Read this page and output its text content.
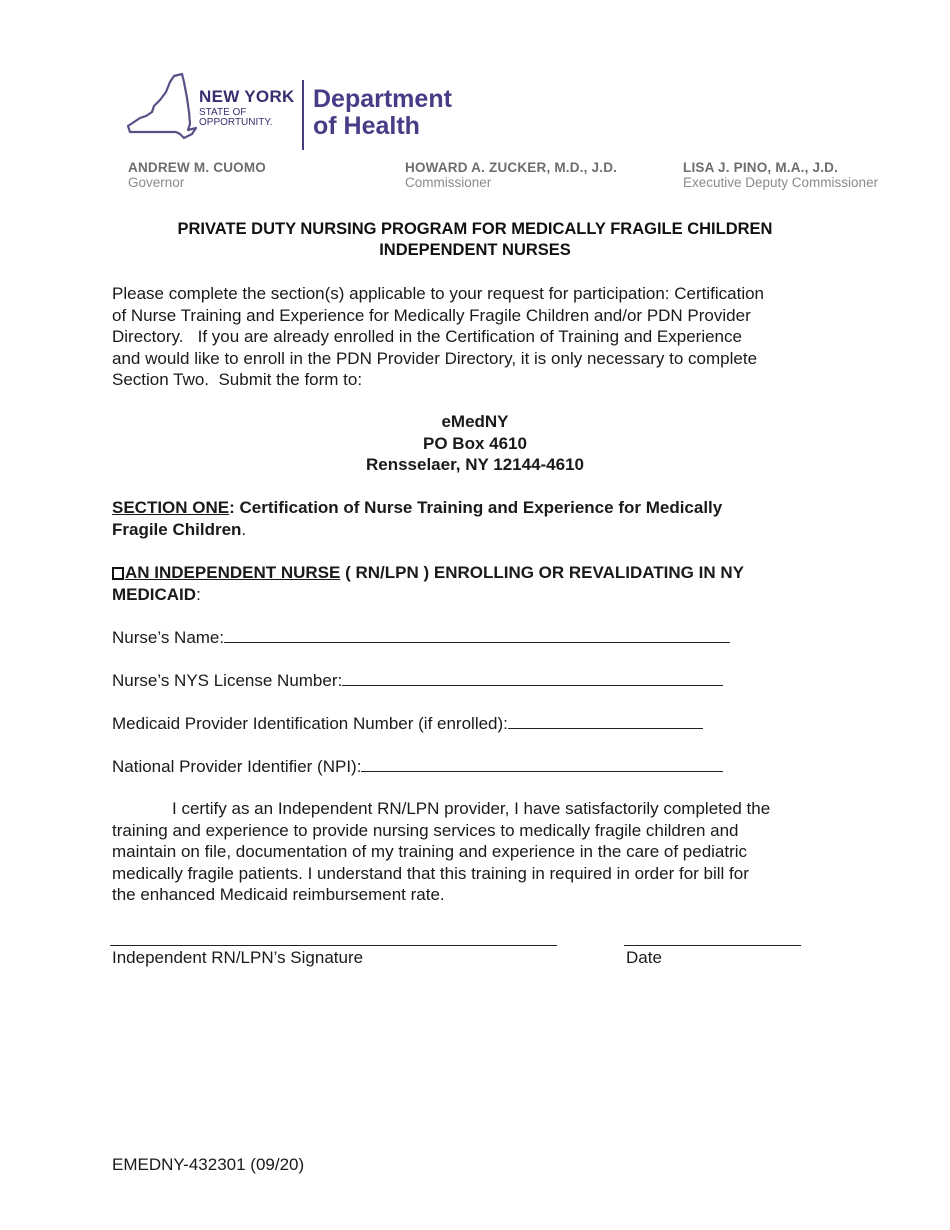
NEW YORK
STATE OF
OPPORTUNITY.
Department
of Health
ANDREW M. CUOMO
Governor
HOWARD A. ZUCKER, M.D., J.D.
Commissioner
LISA J. PINO, M.A., J.D.
Executive Deputy Commissioner
PRIVATE DUTY NURSING PROGRAM FOR MEDICALLY FRAGILE CHILDREN
INDEPENDENT NURSES
Please complete the section(s) applicable to your request for participation: Certification
of Nurse Training and Experience for Medically Fragile Children and/or PDN Provider
Directory.   If you are already enrolled in the Certification of Training and Experience
and would like to enroll in the PDN Provider Directory, it is only necessary to complete
Section Two.  Submit the form to:
eMedNY
PO Box 4610
Rensselaer, NY 12144-4610
SECTION ONE: Certification of Nurse Training and Experience for Medically
Fragile Children.
AN INDEPENDENT NURSE ( RN/LPN ) ENROLLING OR REVALIDATING IN NY
MEDICAID:
Nurse’s Name:
Nurse’s NYS License Number:
Medicaid Provider Identification Number (if enrolled):
National Provider Identifier (NPI):
I certify as an Independent RN/LPN provider, I have satisfactorily completed the
training and experience to provide nursing services to medically fragile children and
maintain on file, documentation of my training and experience in the care of pediatric
medically fragile patients. I understand that this training in required in order for bill for
the enhanced Medicaid reimbursement rate.
Independent RN/LPN’s Signature	Date
EMEDNY-432301 (09/20)
